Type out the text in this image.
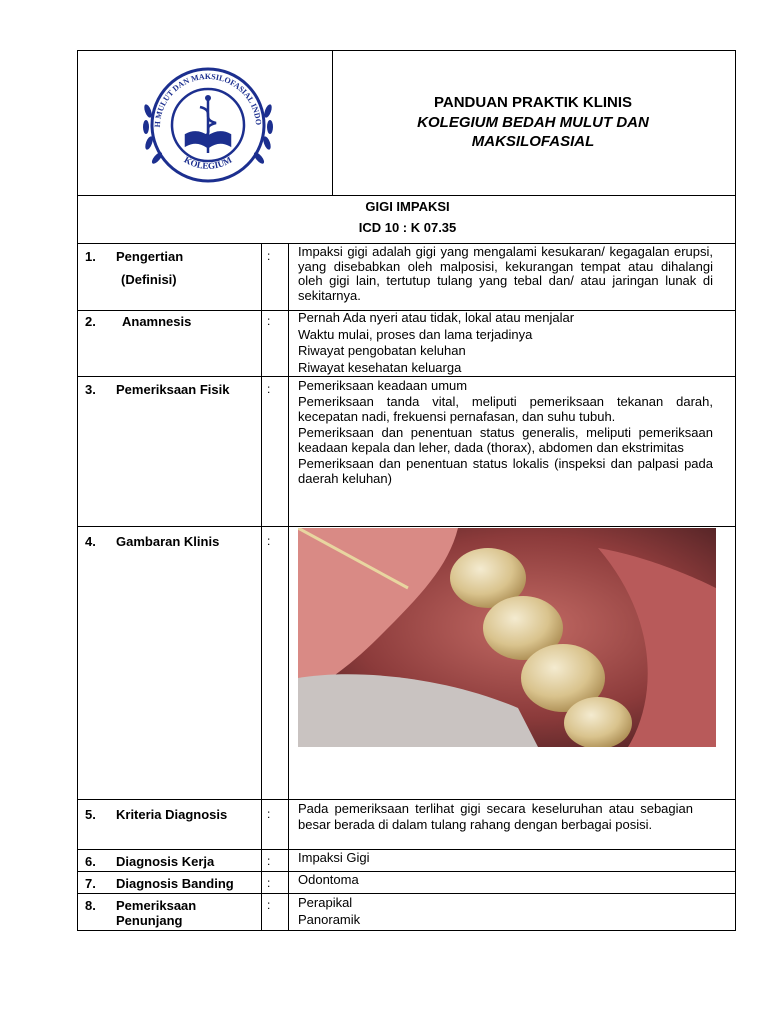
H MULUT DAN MAKSILOFASIAL INDO
KOLEGIUM
PANDUAN PRAKTIK KLINIS
KOLEGIUM BEDAH MULUT DAN
MAKSILOFASIAL
GIGI IMPAKSI
ICD 10 : K 07.35
1. Pengertian
(Definisi)
: Impaksi gigi adalah gigi yang mengalami kesukaran/ kegagalan erupsi, yang disebabkan oleh malposisi, kekurangan tempat atau dihalangi oleh gigi lain, tertutup tulang yang tebal dan/ atau jaringan lunak di sekitarnya.
2. Anamnesis	: Pernah Ada nyeri atau tidak, lokal atau menjalar
Waktu mulai, proses dan lama terjadinya
Riwayat pengobatan keluhan
Riwayat kesehatan keluarga
3. Pemeriksaan Fisik	: Pemeriksaan keadaan umum
Pemeriksaan tanda vital, meliputi pemeriksaan tekanan darah, kecepatan nadi, frekuensi pernafasan, dan suhu tubuh.
Pemeriksaan dan penentuan status generalis, meliputi pemeriksaan keadaan kepala dan leher, dada (thorax), abdomen dan ekstrimitas
Pemeriksaan dan penentuan status lokalis (inspeksi dan palpasi pada daerah keluhan)
4. Gambaran Klinis	:
5. Kriteria Diagnosis	: Pada pemeriksaan terlihat gigi secara keseluruhan atau sebagian besar berada di dalam tulang rahang dengan berbagai posisi.
6. Diagnosis Kerja	: Impaksi Gigi
7. Diagnosis Banding	: Odontoma
8. Pemeriksaan
Penunjang
: Perapikal
Panoramik
